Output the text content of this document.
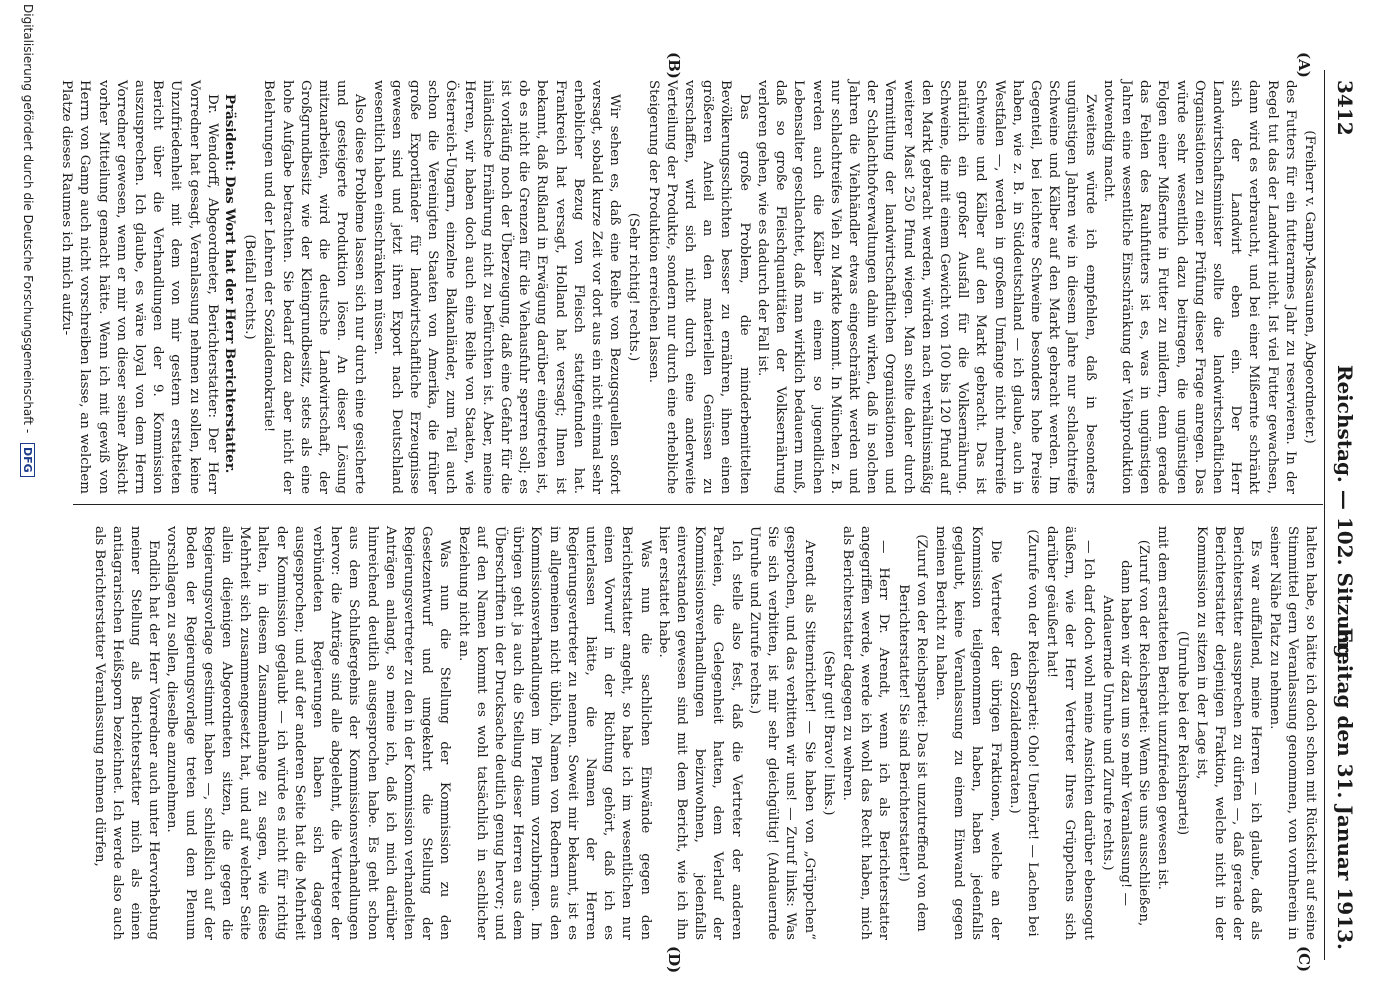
3412
Reichstag. — 102. Sitzung.
Freitag den 31. Januar 1913.
(A)
(B)
(C)
(D)

(Freiherr v. Gamp-Massaunen, Abgeordneter.)

des Futters für ein futterarmes Jahr zu reservieren. In der Regel tut das der Landwirt nicht. Ist viel Futter gewachsen, dann wird es verbraucht, und bei einer Mißernte schränkt sich der Landwirt eben ein. Der Herr Landwirtschaftsminister sollte die landwirtschaftlichen Organisationen zu einer Prüfung dieser Frage anregen. Das würde sehr wesentlich dazu beitragen, die ungünstigen Folgen einer Mißernte in Futter zu mildern, denn gerade das Fehlen des Rauhfutters ist es, was in ungünstigen Jahren eine wesentliche Einschränkung der Viehproduktion notwendig macht.

Zweitens würde ich empfehlen, daß in besonders ungünstigen Jahren wie in diesem Jahre nur schlachtreife Schweine und Kälber auf den Markt gebracht werden. Im Gegenteil, bei leichtere Schweine besonders hohe Preise haben, wie z. B. in Süddeutschland — ich glaube, auch in Westfalen —, werden in großem Umfange nicht mehrreife Schweine und Kälber auf den Markt gebracht. Das ist natürlich ein großer Ausfall für die Volksernährung. Schweine, die mit einem Gewicht von 100 bis 120 Pfund auf den Markt gebracht werden, würden nach verhältnismäßig weiterer Mast 250 Pfund wiegen. Man sollte daher durch Vermittlung der landwirtschaftlichen Organisationen und der Schlachthofverwaltungen dahin wirken, daß in solchen Jahren die Viehhändler etwas eingeschränkt werden und nur schlachtreifes Vieh zu Markte kommt. In München z. B. werden auch die Kälber in einem so jugendlichen Lebensalter geschlachtet, daß man wirklich bedauern muß, daß so große Fleischquantitäten der Volksernährung verloren gehen, wie es dadurch der Fall ist.

Das große Problem, die minderbemittelten Bevölkerungsschichten besser zu ernähren, ihnen einen größeren Anteil an den materiellen Genüssen zu verschaffen, wird sich nicht durch eine anderweite Verteilung der Produkte, sondern nur durch eine erhebliche Steigerung der Produktion erreichen lassen.

(Sehr richtig! rechts.)

Wir sehen es, daß eine Reihe von Bezugsquellen sofort versagt, sobald kurze Zeit vor dort aus ein nicht einmal sehr erheblicher Bezug von Fleisch stattgefunden hat. Frankreich hat versagt, Holland hat versagt; Ihnen ist bekannt, daß Rußland in Erwägung darüber eingetreten ist, ob es nicht die Grenzen für die Viehausfuhr sperren soll; es ist vorläufig noch der Überzeugung, daß eine Gefahr für die inländische Ernährung nicht zu befürchten ist. Aber, meine Herren, wir haben doch auch eine Reihe von Staaten, wie Österreich-Ungarn, einzelne Balkanländer, zum Teil auch schon die Vereinigten Staaten von Amerika, die früher große Exportländer für landwirtschaftliche Erzeugnisse gewesen sind und jetzt ihren Export nach Deutschland wesentlich haben einschränken müssen.

Also diese Probleme lassen sich nur durch eine gesicherte und gesteigerte Produktion lösen. An dieser Lösung mitzuarbeiten, wird die deutsche Landwirtschaft, der Großgrundbesitz wie der Kleingrundbesitz, stets als eine hohe Aufgabe betrachten. Sie bedarf dazu aber nicht der Belehrungen und der Lehren der Sozialdemokratie!

(Beifall rechts.)

Präsident: Das Wort hat der Herr Berichterstatter.

Dr. Wendorff, Abgeordneter, Berichterstatter: Der Herr Vorredner hat gesagt, Veranlassung nehmen zu sollen, keine Unzufriedenheit mit dem von mir gestern erstatteten Bericht über die Verhandlungen der 9. Kommission auszusprechen. Ich glaube, es wäre loyal von dem Herrn Vorredner gewesen, wenn er mir von dieser seiner Absicht vorher Mitteilung gemacht hätte. Wenn ich mit gewiß von Herrn von Gamp auch nicht vorschreiben lasse, an welchem Platze dieses Raumes ich mich aufzu-

halten habe, so hätte ich doch schon mit Rücksicht auf seine Stimmittel gern Veranlassung genommen, von vornherein in seiner Nähe Platz zu nehmen.

Es war auffallend, meine Herren — ich glaube, daß als Berichterstatter aussprechen zu dürfen —, daß gerade der Berichterstatter derjenigen Fraktion, welche nicht in der Kommission zu sitzen in der Lage ist,

(Unruhe bei der Reichspartei)

mit dem erstatteten Bericht unzufrieden gewesen ist.

(Zuruf von der Reichspartei: Wenn Sie uns ausschließen, dann haben wir dazu um so mehr Veranlassung! — Andauernde Unruhe und Zurufe rechts.)

— Ich darf doch wohl meine Ansichten darüber ebensogut äußern, wie der Herr Vertreter Ihres Grüppchens sich darüber geäußert hat!

(Zurufe von der Reichspartei: Oho! Unerhört! — Lachen bei den Sozialdemokraten.)

Die Vertreter der übrigen Fraktionen, welche an der Kommission teilgenommen haben, haben jedenfalls geglaubt, keine Veranlassung zu einem Einwand gegen meinen Bericht zu haben.

(Zuruf von der Reichspartei: Das ist unzutreffend von dem Berichterstatter! Sie sind Berichterstatter!)

— Herr Dr. Arendt, wenn ich als Berichterstatter angegriffen werde, werde ich wohl das Recht haben, mich als Berichterstatter dagegen zu wehren.

(Sehr gut! Bravo! links.)

Arendt als Sittenrichter! — Sie haben von „Grüppchen“ gesprochen, und das verbitten wir uns! — Zuruf links: Was Sie sich verbitten, ist mir sehr gleichgültig! (Andauernde Unruhe und Zurufe rechts.)

Ich stelle also fest, daß die Vertreter der anderen Parteien, die Gelegenheit hatten, dem Verlauf der Kommissionsverhandlungen beizuwohnen, jedenfalls einverstanden gewesen sind mit dem Bericht, wie ich ihn hier erstattet habe.

Was nun die sachlichen Einwände gegen den Berichterstatter angeht, so habe ich im wesentlichen nur einen Vorwurf in der Richtung gehört, daß ich es unterlassen hätte, die Namen der Herren Regierungsvertreter zu nennen. Soweit mir bekannt, ist es im allgemeinen nicht üblich, Namen von Rednern aus den Kommissionsverhandlungen im Plenum vorzubringen. Im übrigen geht ja auch die Stellung dieser Herren aus dem Überschriften in der Drucksache deutlich genug hervor; und auf den Namen kommt es wohl tatsächlich in sachlicher Beziehung nicht an.

Was nun die Stellung der Kommission zu den Gesetzentwurf und umgekehrt die Stellung der Regierungsvertreter zu den in der Kommission verhandelten Anträgen anlangt, so meine ich, daß ich mich darüber hinreichend deutlich ausgesprochen habe. Es geht schon aus dem Schlußergebnis der Kommissionsverhandlungen hervor: die Anträge sind alle abgelehnt, die Vertreter der verbündeten Regierungen haben sich dagegen ausgesprochen; und auf der anderen Seite hat die Mehrheit der Kommission geglaubt — ich würde es nicht für richtig halten, in diesem Zusammenhange zu sagen, wie diese Mehrheit sich zusammengesetzt hat, und auf welcher Seite allein diejenigen Abgeordneten sitzen, die gegen die Regierungsvorlage gestimmt haben —, schließlich auf der Boden der Regierungsvorlage treten und dem Plenum vorschlagen zu sollen, dieselbe anzunehmen.

Endlich hat der Herr Vorredner auch unter Hervorhebung meiner Stellung als Berichterstatter mich als einen antiagrarischen Heißsporn bezeichnet. Ich werde also auch als Berichterstatter Veranlassung nehmen dürfen,

Digitalisierung gefördert durch die Deutsche Forschungsgemeinschaft - DFG
